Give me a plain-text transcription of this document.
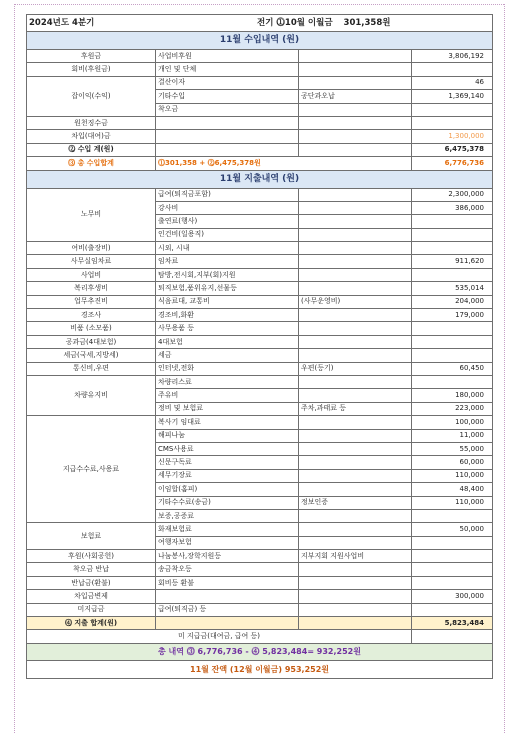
2024년도 4분기	전기 ⓵10월 이월금 301,358원		
11월 수입내역 (원)			
후원금	사업비후원		3,806,192
회비(후원금)	개인 및 단체		
잡이익(수익)	결산이자		46
	기타수입	공단과오납	1,369,140
	착오금		
원천징수금			
차입(대여)금			1,300,000
⓶ 수입 계(원)			6,475,378
⓷ 총 수입합계	⓵301,358 + ⓶6,475,378원		6,776,736
11월 지출내역 (원)			
노무비	급여(퇴직금포함)		2,300,000
	강사비		386,000
	출연료(행사)		
	인건비(일용직)		
여비(출장비)	시외, 시내		
사무실임차료	임차료		911,620
사업비	탐방,전시회,지부(회)지원		
복리후생비	퇴직보험,품위유지,선물등		535,014
업무추진비	식음료대, 교통비	(사무운영비)	204,000
경조사	경조비,화환		179,000
비품 (소모품)	사무용품 등		
공과금(4대보험)	4대보험		
세금(국세,지방세)	세금		
통신비,우편	인터넷,전화	우편(등기)	60,450
차량유지비	차량리스료		
	주유비		180,000
	정비 및 보험료	주차,과태료 등	223,000
지급수수료,사용료	복사기 임대료		100,000
	해피나눔		11,000
	CMS사용료		55,000
	신문구독료		60,000
	세무기장료		110,000
	이임합(홈피)		48,400
	기타수수료(송금)	정보인증	110,000
	보증,공증료		
보험료	화재보험료		50,000
	여행자보험		
후원(사회공헌)	나눔봉사,장학지원등	지부지회 지원사업비	
착오금 반납	송금착오등		
반납금(환불)	회비등 환불		
차입금변제			300,000
미지급금	급여(퇴직금) 등		
⓸ 지출 합계(원)			5,823,484
미 지급금(대여금, 급여 등)			
총 내역 ⓷ 6,776,736 - ⓸ 5,823,484= 932,252원			
11월 잔액 (12월 이월금) 953,252원			
